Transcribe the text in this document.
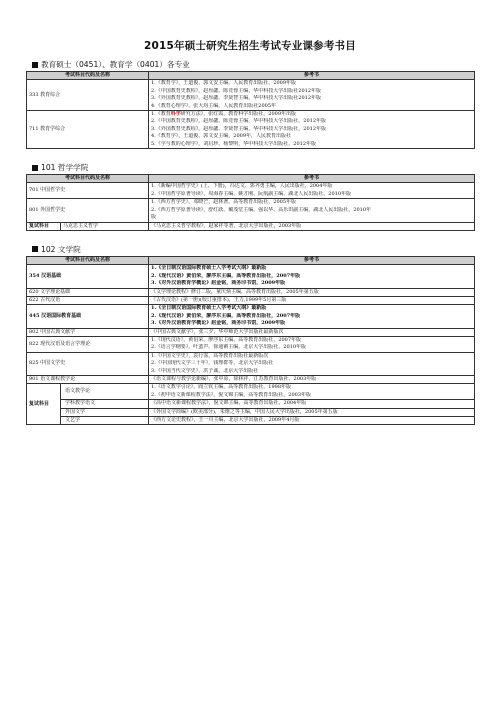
2015年硕士研究生招生考试专业课参考书目
教育硕士（0451）、教育学（0401）各专业
考试科目代码及名称	参考书
333 教育综合	1.《教育学》，王道俊、郭文安主编，人民教育出版社，2009年版
2.《中国教育史教程》，赵厚勰、陈竞蓉主编，华中科技大学出版社2012年版
3.《外国教育史教程》，赵厚勰、李贤智主编，华中科技大学出版社2012年版
4.《教育心理学》，张大均主编，人民教育出版社2005年

711 教育学综合	1.《教育科学研究方法》，张红霞，教育科学出版社，2009年出版
2.《中国教育史教程》，赵厚勰、陈竞蓉主编，华中科技大学出版社，2012年版
3.《外国教育史教程》，赵厚勰、李贤智主编，华中科技大学出版社，2012年版
4.《教育学》，王道俊、郭文安主编，2009年，人民教育出版社
5.《学与教的心理学》，刘启珍，杨黎明，华中科技大学出版社，2012年版
101 哲学学院
考试科目代码及名称		参考书
701 中国哲学史		1.《新编中国哲学史》(上、下册)，冯达文、郭齐勇主编，人民出版社，2004年版
2.《中国哲学原著导读》，周海春主编，姚才刚、阮航副主编，湖北人民出版社，2010年版

801 外国哲学史		1.《西方哲学史》，邓晓芒，赵林著，高等教育出版社，2005年版
2.《西方哲学原著导读》，舒红跃、戴茂堂主编，强以华、高乐田副主编，湖北人民出版社，2010年
版

复试科目	马克思主义哲学	《马克思主义哲学教程》，赵家祥等著，北京大学出版社，2003年版
102 文学院
考试科目代码及名称		参考书
354 汉语基础		1.《全日制汉语国际教育硕士入学考试大纲》最新版
2.《现代汉语》黄伯荣，廖序东主编，高等教育出版社，2007年版
3.《对外汉语教育学概论》赵金铭，商务印书馆，2009年版

620 文学理论基础		《文学理论教程》修订二版，童庆炳主编，高等教育出版社，2005年第五版
622 古代汉语		《古代汉语》(第一册)(校订重排本)，王力,1999年5月第三版
445 汉语国际教育基础		1.《全日制汉语国际教育硕士入学考试大纲》最新版
2.《现代汉语》黄伯荣，廖序东主编，高等教育出版社，2007年版
3.《对外汉语教育学概论》赵金铭，商务印书馆，2009年版

802 中国古典文献学		《中国古典文献学》，张三夕，华中师范大学出版社最新版次
822 现代汉语及语言学理论		1.《现代汉语》，黄伯荣、廖序东主编，高等教育出版社，2007年版
2.《语言学纲要》，叶蜚声、徐通锵主编，北京大学出版社，2010年版

825 中国文学史		1.《中国文学史》，袁行霈，高等教育出版社最新版次
2.《中国现代文学三十年》，钱理群等，北京大学出版社
3.《中国当代文学史》，洪子诚，北京大学出版社

901 语文课程教学论		《语文课程与教学论新编》，张中原，徐林祥，江苏教育出版社，2003年版
复试科目	语文教学论	1.《语文教学引论》，阎立钦主编，高等教育出版社，1998年版
2.《初中语文新课程教学法》，倪文锦主编，高等教育出版社，2003年版

	学科教学语文	《高中语文新课程教学法》，倪文锦主编，高等教育出版社，2004年版
	外国文学	《外国文学简编》(欧美部分)，朱维之等主编，中国人民大学出版社，2005年第五版
	文艺学	《西方文论史教程》，王一川主编，北京大学出版社，2009年4月版
